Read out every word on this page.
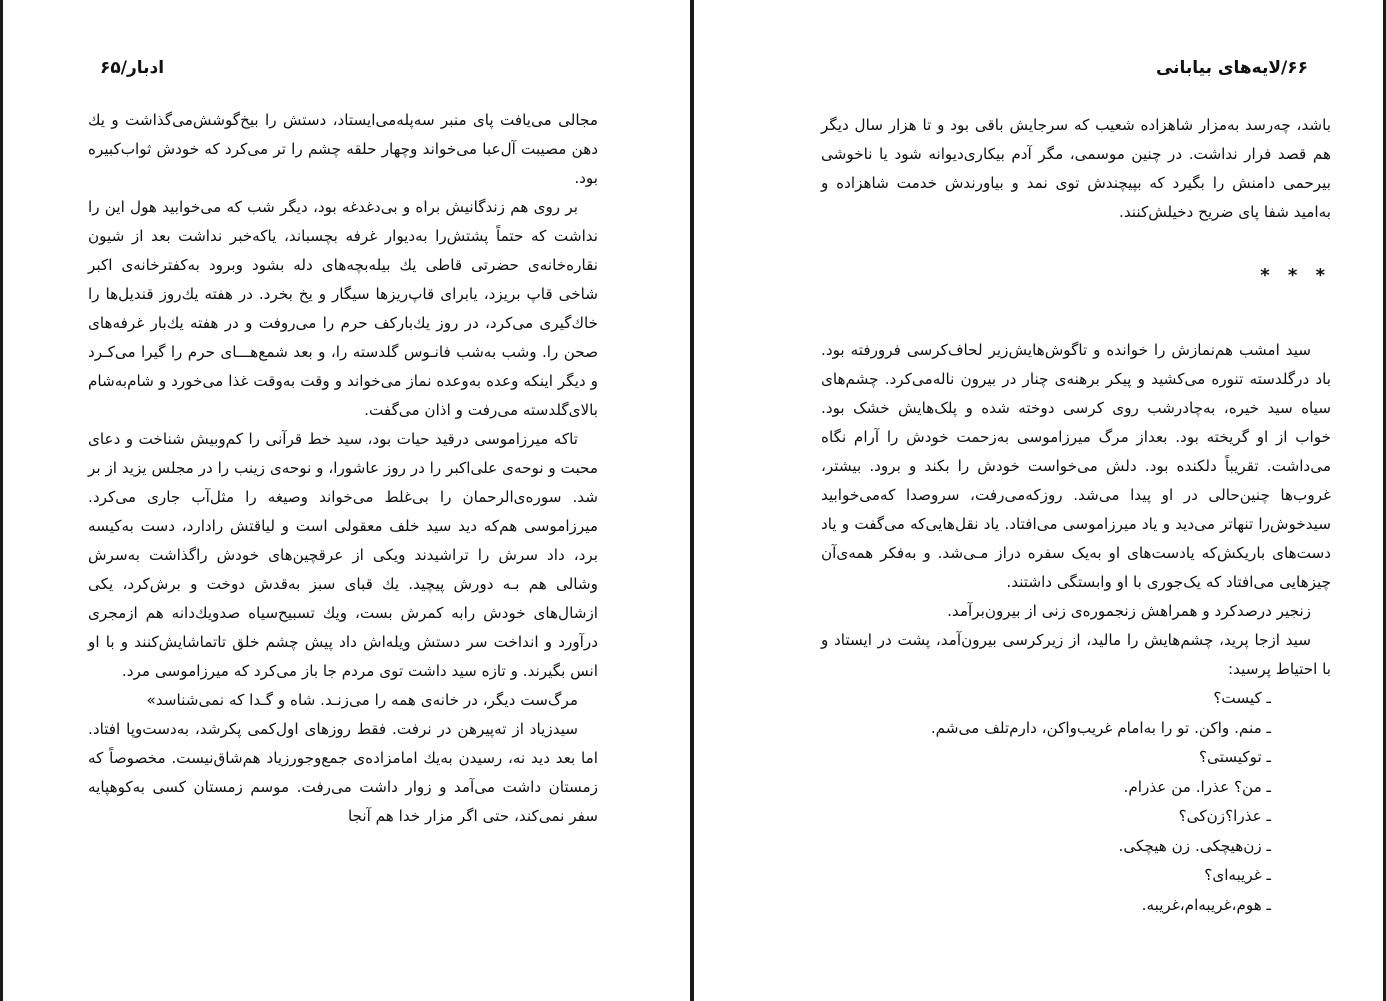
۶۶/لایه‌های بیابانی

باشد، چه‌رسد به‌مزار شاهزاده شعیب که سرجایش باقی بود و تا هزار سال دیگر هم قصد فرار نداشت. در چنین موسمی، مگر آدم بیکاری‌دیوانه شود یا ناخوشی بیرحمی دامنش را بگیرد که بپیچندش توی نمد و بیاورندش خدمت شاهزاده و به‌امید شفا پای ضریح دخیلش‌کنند.

* * *

سید امشب هم‌نمازش را خوانده و تاگوش‌هایش‌زیر لحاف‌کرسی فرورفته بود. باد درگلدسته تنوره می‌کشید و پیکر برهنه‌ی چنار در بیرون ناله‌می‌کرد. چشم‌های سیاه سید خیره، به‌چادرشب روی کرسی دوخته شده و پلک‌هایش خشک بود. خواب از او گریخته بود. بعداز مرگ میرزاموسی به‌زحمت خودش را آرام نگاه می‌داشت. تقریباً دلکنده بود. دلش می‌خواست خودش را بکند و برود. بیشتر، غروب‌ها چنین‌حالی در او پیدا می‌شد. روزکه‌می‌رفت، سروصدا که‌می‌خوابید سیدخوش‌را تنهاتر می‌دید و یاد میرزاموسی می‌افتاد. یاد نقل‌هایی‌که می‌گفت و یاد دست‌های باریکش‌که یادست‌های او به‌یک سفره دراز مـی‌شد. و به‌فکر همه‌ی‌آن چیزهایی می‌افتاد که یک‌جوری با او وابستگی داشتند.

زنجیر درصدکرد و همراهش زنجموره‌ی زنی از بیرون‌برآمد.

سید ازجا پرید، چشم‌هایش را مالید، از زیرکرسی بیرون‌آمد، پشت در ایستاد و با احتیاط پرسید:

ـ کیست؟
ـ منم. واکن. تو را به‌امام غریب‌واکن، دارم‌تلف می‌شم.
ـ توکیستی؟
ـ من؟ عذرا. من عذرام.
ـ عذرا؟زن‌کی؟
ـ زن‌هیچکی. زن هیچکی.
ـ غریبه‌ای؟
ـ هوم،غریبه‌ام،غریبه.
ادبار/۶۵

مجالی می‌یافت پای منبر سه‌پله‌می‌ایستاد، دستش را بیخ‌گوشش‌می‌گذاشت و یك دهن مصیبت آل‌عبا می‌خواند وچهار حلقه چشم را تر می‌کرد که خودش ثواب‌کبیره بود.

بر روی هم زندگانیش براه و بی‌دغدغه بود، دیگر شب که می‌خوابید هول این را نداشت که حتماً پشتش‌را به‌دیوار غرفه بچسباند، یاکه‌خبر نداشت بعد از شیون نقاره‌خانه‌ی حضرتی قاطی یك بیله‌بچه‌های دله بشود وبرود به‌کفترخانه‌ی اکبر شاخی قاپ بریزد، یابرای قاپ‌ریزها سیگار و یخ بخرد. در هفته یك‌روز قندیل‌ها را خاك‌گیری می‌کرد، در روز یك‌بارکف حرم را می‌روفت و در هفته یك‌بار غرفه‌های صحن را. وشب به‌شب فانـوس گلدسته را، و بعد شمع‌هـــای حرم را گیرا می‌کـرد و دیگر اینکه وعده به‌وعده نماز می‌خواند و وقت به‌وقت غذا می‌خورد و شام‌به‌شام بالای‌گلدسته می‌رفت و اذان می‌گفت.

تاکه میرزاموسی درقید حیات بود، سید خط قرآنی را کم‌وبیش شناخت و دعای محبت و نوحه‌ی علی‌اکبر را در روز عاشورا، و نوحه‌ی زینب را در مجلس یزید از بر شد. سوره‌ی‌الرحمان را بی‌غلط می‌خواند وصیغه را مثل‌آب جاری می‌کرد. میرزاموسی هم‌که دید سید خلف معقولی است و لیاقتش رادارد، دست به‌کیسه برد، داد سرش را تراشیدند ویکی از عرقچین‌های خودش راگذاشت به‌سرش وشالی هم بـه دورش پیچید. یك قبای سبز به‌قدش دوخت و برش‌کرد، یکی ازشال‌های خودش رابه کمرش بست، ویك تسبیح‌سیاه صدویك‌دانه هم ازمجری درآورد و انداخت سر دستش ویله‌اش داد پیش چشم خلق تاتماشایش‌کنند و با او انس بگیرند. و تازه سید داشت توی مردم جا باز می‌کرد که میرزاموسی مرد.

مرگ‌ست دیگر، در خانه‌ی همه را می‌زنـد. شاه و گـدا که نمی‌شناسد»

سیدزیاد از ته‌پیرهن در نرفت. فقط روزهای اول‌کمی پکرشد، به‌دست‌وپا افتاد. اما بعد دید نه، رسیدن به‌یك امامزاده‌ی جمع‌وجورزیاد هم‌شاق‌نیست. مخصوصاً که زمستان داشت می‌آمد و زوار داشت می‌رفت. موسم زمستان کسی به‌کوهپایه سفر نمی‌کند، حتی اگر مزار خدا هم آنجا
